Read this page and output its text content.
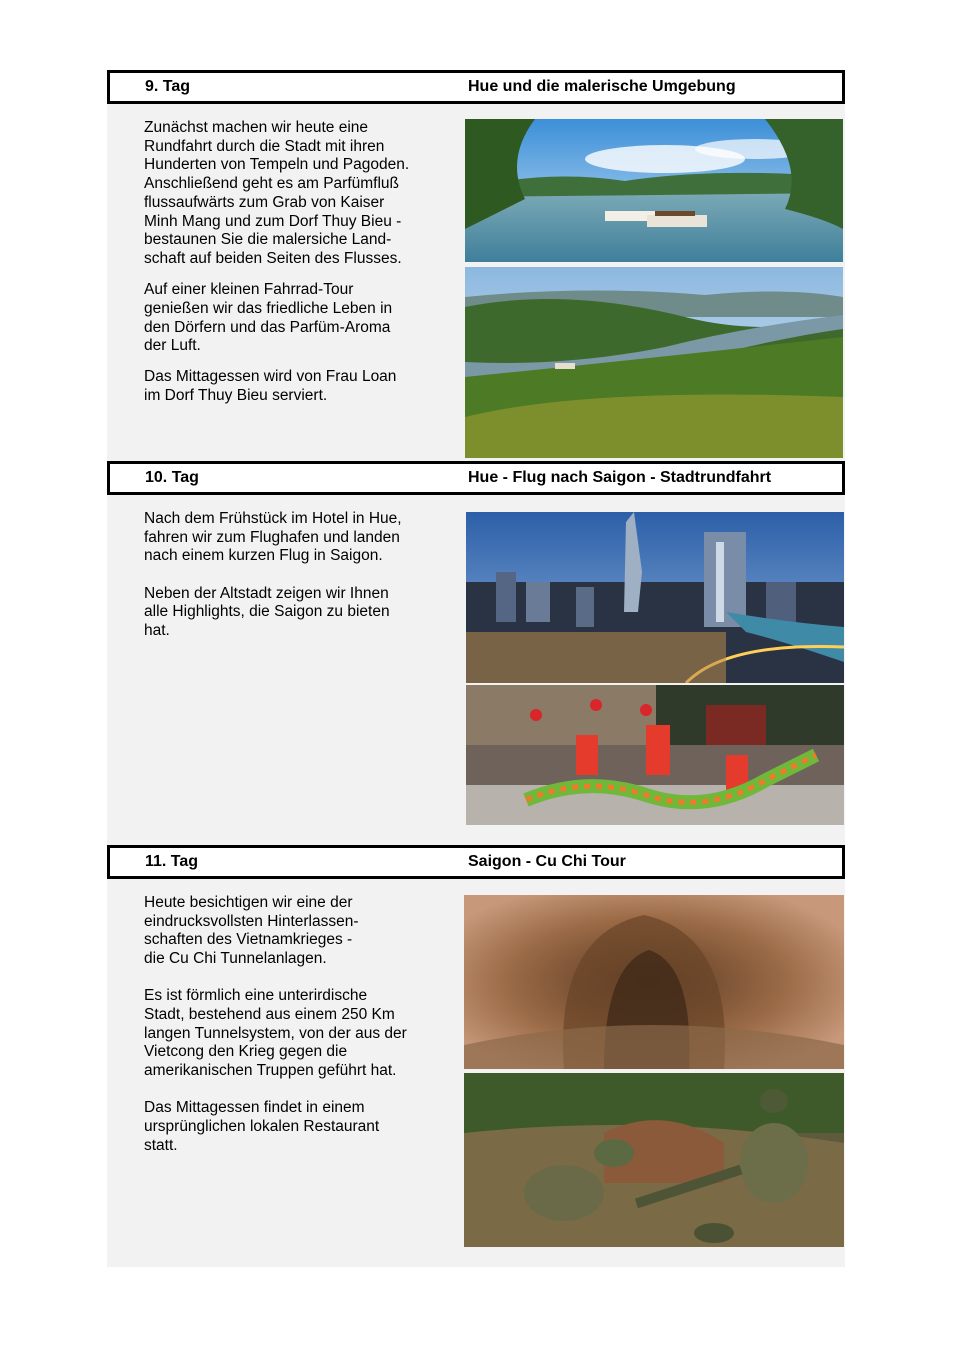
9. Tag	Hue und die malerische Umgebung

Zunächst machen wir heute eine
Rundfahrt durch die Stadt mit ihren
Hunderten von Tempeln und Pagoden.
Anschließend geht es am Parfümfluß
flussaufwärts zum Grab von Kaiser
Minh Mang und zum Dorf Thuy Bieu -
bestaunen Sie die malersiche Land-
schaft auf beiden Seiten des Flusses.

Auf einer kleinen Fahrrad-Tour
genießen wir das friedliche Leben in
den Dörfern und das Parfüm-Aroma
der Luft.

Das Mittagessen wird von Frau Loan
im Dorf Thuy Bieu serviert.

10. Tag	Hue - Flug nach Saigon - Stadtrundfahrt

Nach dem Frühstück im Hotel in Hue,
fahren wir zum Flughafen und landen
nach einem kurzen Flug in Saigon.

Neben der Altstadt zeigen wir Ihnen
alle Highlights, die Saigon zu bieten
hat.

11. Tag	Saigon - Cu Chi Tour

Heute besichtigen wir eine der
eindrucksvollsten Hinterlassen-
schaften des Vietnamkrieges -
die Cu Chi Tunnelanlagen.

Es ist förmlich eine unterirdische
Stadt, bestehend aus einem 250 Km
langen Tunnelsystem, von der aus der
Vietcong den Krieg gegen die
amerikanischen Truppen geführt hat.

Das Mittagessen findet in einem
ursprünglichen lokalen Restaurant
statt.
